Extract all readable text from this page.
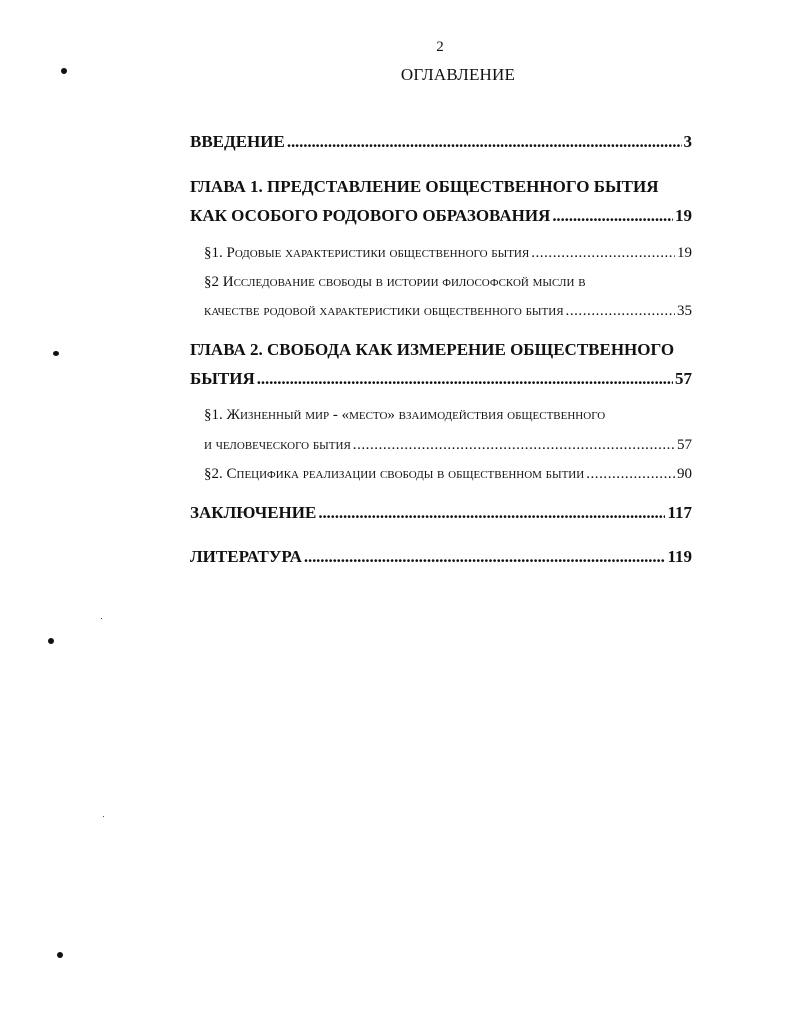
2
ОГЛАВЛЕНИЕ
ВВЕДЕНИЕ . . .	3
ГЛАВА 1. ПРЕДСТАВЛЕНИЕ ОБЩЕСТВЕННОГО БЫТИЯ
КАК ОСОБОГО РОДОВОГО ОБРАЗОВАНИЯ . . .	19
§1. Родовые характеристики общественного бытия . . .	19
§2 Исследование свободы в истории философской мысли в
качестве родовой характеристики общественного бытия . . .	35
ГЛАВА 2. СВОБОДА КАК ИЗМЕРЕНИЕ ОБЩЕСТВЕННОГО
БЫТИЯ . . .	57
§1. Жизненный мир - «место» взаимодействия общественного
и человеческого бытия . . .	57
§2. Специфика реализации свободы в общественном бытии . . .	90
ЗАКЛЮЧЕНИЕ . . .	117
ЛИТЕРАТУРА . . .	119
